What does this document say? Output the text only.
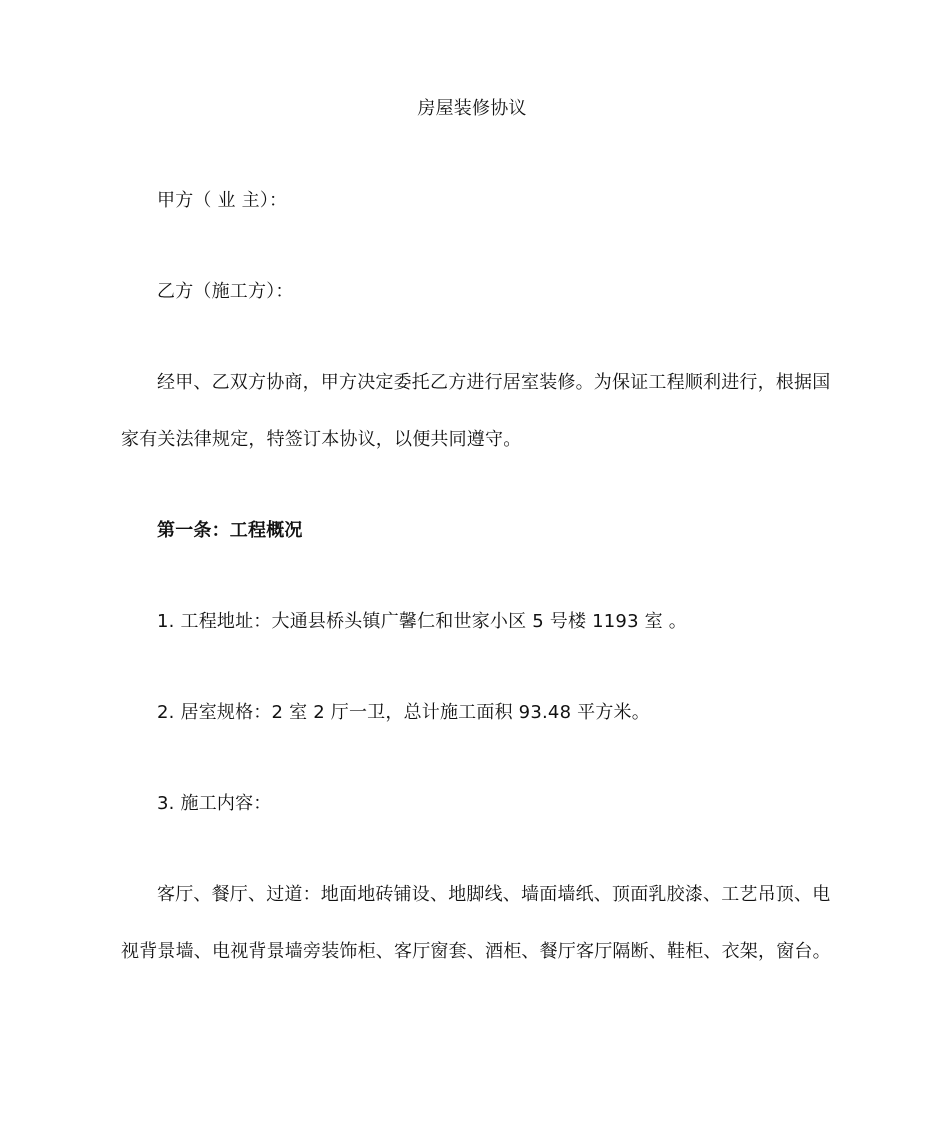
房屋装修协议
甲方（ 业 主）：
乙方（施工方）：
经甲、乙双方协商，甲方决定委托乙方进行居室装修。为保证工程顺利进行，根据国
家有关法律规定，特签订本协议，以便共同遵守。
第一条：工程概况
1. 工程地址：大通县桥头镇广馨仁和世家小区 5 号楼 1193 室 。
2. 居室规格：2 室 2 厅一卫，总计施工面积 93.48 平方米。
3. 施工内容：
客厅、餐厅、过道：地面地砖铺设、地脚线、墙面墙纸、顶面乳胶漆、工艺吊顶、电
视背景墙、电视背景墙旁装饰柜、客厅窗套、酒柜、餐厅客厅隔断、鞋柜、衣架，窗台。
